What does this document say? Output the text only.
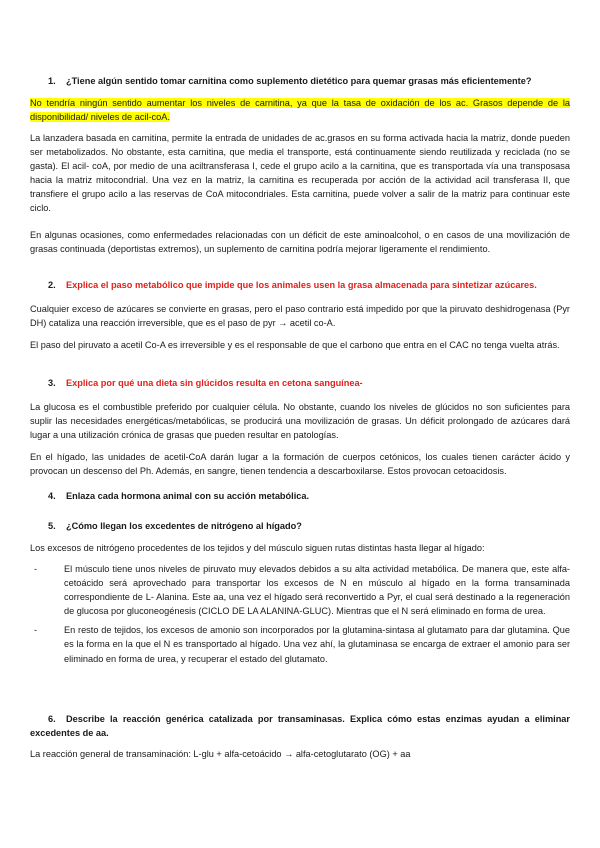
1. ¿Tiene algún sentido tomar carnitina como suplemento dietético para quemar grasas más eficientemente?

No tendría ningún sentido aumentar los niveles de carnitina, ya que la tasa de oxidación de los ac. Grasos depende de la disponibilidad/ niveles de acil-coA.

La lanzadera basada en carnitina, permite la entrada de unidades de ac.grasos en su forma activada hacia la matriz, donde pueden ser metabolizados. No obstante, esta carnitina, que media el transporte, está continuamente siendo reutilizada y reciclada (no se gasta). El acil- coA, por medio de una aciltransferasa I, cede el grupo acilo a la carnitina, que es transportada vía una transposasa hacia la matriz mitocondrial. Una vez en la matriz, la carnitina es recuperada por acción de la actividad acil transferasa II, que transfiere el grupo acilo a las reservas de CoA mitocondriales. Esta carnitina, puede volver a salir de la matriz para continuar este ciclo.

En algunas ocasiones, como enfermedades relacionadas con un déficit de este aminoalcohol, o en casos de una movilización de grasas continuada (deportistas extremos), un suplemento de carnitina podría mejorar ligeramente el rendimiento.

2. Explica el paso metabólico que impide que los animales usen la grasa almacenada para sintetizar azúcares.

Cualquier exceso de azúcares se convierte en grasas, pero el paso contrario está impedido por que la piruvato deshidrogenasa (Pyr DH) cataliza una reacción irreversible, que es el paso de pyr → acetil co-A.

El paso del piruvato a acetil Co-A es irreversible y es el responsable de que el carbono que entra en el CAC no tenga vuelta atrás.

3. Explica por qué una dieta sin glúcidos resulta en cetona sanguínea-

La glucosa es el combustible preferido por cualquier célula. No obstante, cuando los niveles de glúcidos no son suficientes para suplir las necesidades energéticas/metabólicas, se producirá una movilización de grasas. Un déficit prolongado de azúcares dará lugar a una utilización crónica de grasas que pueden resultar en patologías.

En el hígado, las unidades de acetil-CoA darán lugar a la formación de cuerpos cetónicos, los cuales tienen carácter ácido y provocan un descenso del Ph. Además, en sangre, tienen tendencia a descarboxilarse. Estos provocan cetoacidosis.

4. Enlaza cada hormona animal con su acción metabólica.

5. ¿Cómo llegan los excedentes de nitrógeno al hígado?

Los excesos de nitrógeno procedentes de los tejidos y del músculo siguen rutas distintas hasta llegar al hígado:

-	El músculo tiene unos niveles de piruvato muy elevados debidos a su alta actividad metabólica. De manera que, este alfa-cetoácido será aprovechado para transportar los excesos de N en músculo al hígado en la forma transaminada correspondiente de L- Alanina. Este aa, una vez el hígado será reconvertido a Pyr, el cual será destinado a la regeneración de glucosa por gluconeogénesis (CICLO DE LA ALANINA-GLUC). Mientras que el N será eliminado en forma de urea.
-	En resto de tejidos, los excesos de amonio son incorporados por la glutamina-sintasa al glutamato para dar glutamina. Que es la forma en la que el N es transportado al hígado. Una vez ahí, la glutaminasa se encarga de extraer el amonio para ser eliminado en forma de urea, y recuperar el estado del glutamato.

6. Describe la reacción genérica catalizada por transaminasas. Explica cómo estas enzimas ayudan a eliminar excedentes de aa.

La reacción general de transaminación: L-glu + alfa-cetoácido → alfa-cetoglutarato (OG) + aa
